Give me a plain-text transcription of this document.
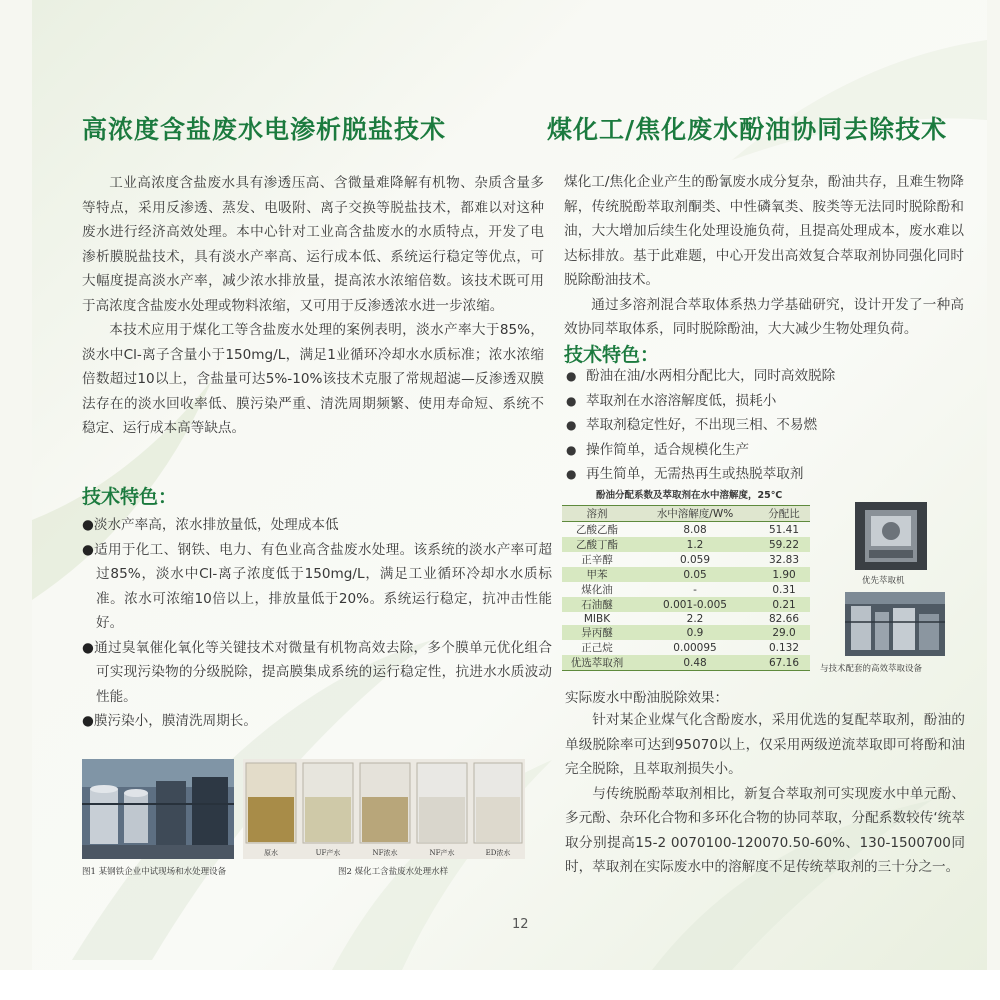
高浓度含盐废水电渗析脱盐技术

工业高浓度含盐废水具有渗透压高、含微量难降解有机物、杂质含量多等特点，采用反渗透、蒸发、电吸附、离子交换等脱盐技术，都难以对这种废水进行经济高效处理。本中心针对工业高含盐废水的水质特点，开发了电渗析膜脱盐技术，具有淡水产率高、运行成本低、系统运行稳定等优点，可大幅度提高淡水产率，减少浓水排放量，提高浓水浓缩倍数。该技术既可用于高浓度含盐废水处理或物料浓缩，又可用于反渗透浓水进一步浓缩。

本技术应用于煤化工等含盐废水处理的案例表明，淡水产率大于85%，淡水中Cl-离子含量小于150mg/L，满足1业循环冷却水水质标准；浓水浓缩倍数超过10以上，含盐量可达5%-10%该技术克服了常规超滤—反渗透双膜法存在的淡水回收率低、膜污染严重、清洗周期频繁、使用寿命短、系统不稳定、运行成本高等缺点。

技术特色：
●淡水产率高，浓水排放量低，处理成本低
●适用于化工、钢铁、电力、有色业高含盐废水处理。该系统的淡水产率可超过85%，淡水中Cl-离子浓度低于150mg/L，满足工业循环冷却水水质标准。浓水可浓缩10倍以上，排放量低于20%。系统运行稳定，抗冲击性能好。
●通过臭氧催化氧化等关键技术对微量有机物高效去除，多个膜单元优化组合可实现污染物的分级脱除，提高膜集成系统的运行稳定性，抗进水水质波动性能。
●膜污染小，膜清洗周期长。
原水	UF产水	NF浓水	NF产水	ED浓水
图1 某钢铁企业中试现场和水处理设备	图2 煤化工含盐废水处理水样
煤化工/焦化废水酚油协同去除技术

煤化工/焦化企业产生的酚氰废水成分复杂，酚油共存，且难生物降解，传统脱酚萃取剂酮类、中性磷氧类、胺类等无法同时脱除酚和油，大大增加后续生化处理设施负荷，且提高处理成本，废水难以达标排放。基于此难题，中心开发出高效复合萃取剂协同强化同时脱除酚油技术。

通过多溶剂混合萃取体系热力学基础研究，设计开发了一种高效协同萃取体系，同时脱除酚油，大大减少生物处理负荷。

技术特色：
● 酚油在油/水两相分配比大，同时高效脱除
● 萃取剂在水溶溶解度低，损耗小
● 萃取剂稳定性好，不出现三相、不易燃
● 操作简单，适合规模化生产
● 再生简单，无需热再生或热脱萃取剂
酚油分配系数及萃取剂在水中溶解度，25℃
溶剂	水中溶解度/W%	分配比
乙酸乙酯	8.08	51.41
乙酸丁酯	1.2	59.22
正辛醇	0.059	32.83
甲苯	0.05	1.90
煤化油	-	0.31
石油醚	0.001-0.005	0.21
MIBK	2.2	82.66
异丙醚	0.9	29.0
正己烷	0.00095	0.132
优选萃取剂	0.48	67.16
优先萃取机
与技术配套的高效萃取设备
实际废水中酚油脱除效果：

针对某企业煤气化含酚废水，采用优选的复配萃取剂，酚油的单级脱除率可达到95070以上，仅采用两级逆流萃取即可将酚和油完全脱除，且萃取剂损失小。

与传统脱酚萃取剂相比，新复合萃取剂可实现废水中单元酚、多元酚、杂环化合物和多环化合物的协同萃取，分配系数较传‘统萃取分别提高15-2 0070100-120070.50-60%、130-1500700同时，萃取剂在实际废水中的溶解度不足传统萃取剂的三十分之一。

12
